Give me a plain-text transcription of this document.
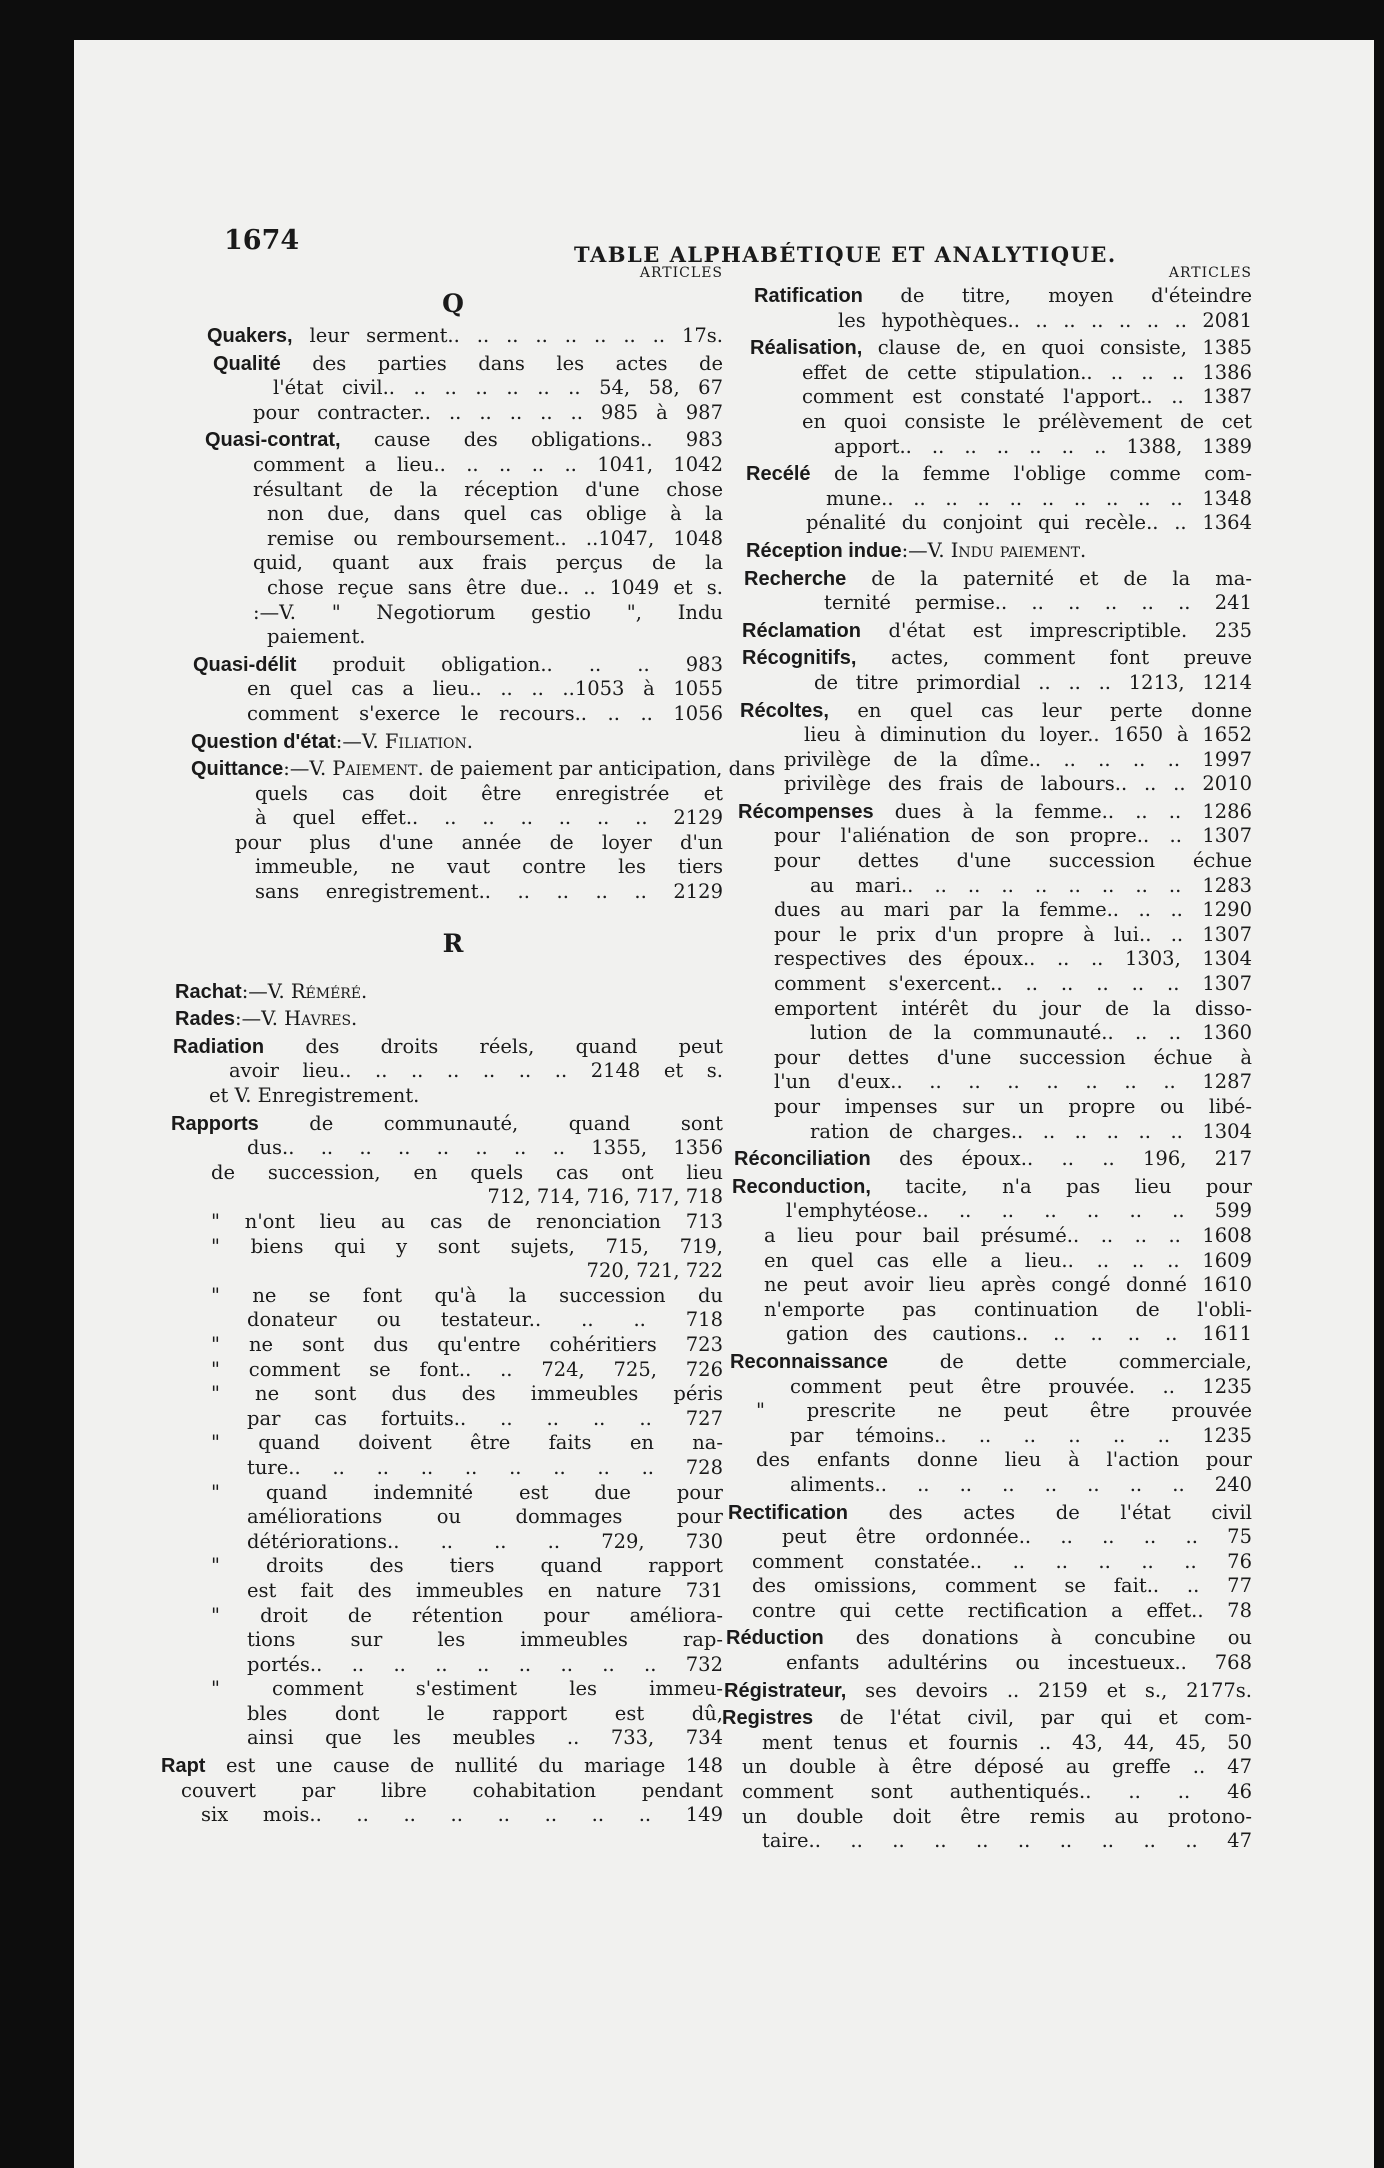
1674	TABLE ALPHABÉTIQUE ET ANALYTIQUE.
ARTICLES
Q
Quakers, leur serment.. .. .. .. .. .. .. .. 17s.
Qualité des parties dans les actes de
l'état civil.. .. .. .. .. .. .. 54, 58, 67
pour contracter.. .. .. .. .. .. 985 à 987
Quasi-contrat, cause des obligations.. 983
comment a lieu.. .. .. .. .. 1041, 1042
résultant de la réception d'une chose
non due, dans quel cas oblige à la
remise ou remboursement.. ..1047, 1048
quid, quant aux frais perçus de la
chose reçue sans être due.. .. 1049 et s.
:—V. " Negotiorum gestio ", Indu
paiement.
Quasi-délit produit obligation.. .. .. 983
en quel cas a lieu.. .. .. ..1053 à 1055
comment s'exerce le recours.. .. .. 1056
Question d'état:—V. Filiation.
Quittance:—V. Paiement. de paiement par anticipation, dans
quels cas doit être enregistrée et
à quel effet.. .. .. .. .. .. .. 2129
pour plus d'une année de loyer d'un
immeuble, ne vaut contre les tiers
sans enregistrement.. .. .. .. .. 2129
R
Rachat:—V. Réméré.
Rades:—V. Havres.
Radiation des droits réels, quand peut
avoir lieu.. .. .. .. .. .. .. 2148 et s.
et V. Enregistrement.
Rapports	de communauté, quand sont
dus.. .. .. .. .. .. .. .. 1355, 1356
de succession, en quels cas ont lieu
712, 714, 716, 717, 718
" n'ont lieu au cas de renonciation 713
" biens qui y sont sujets, 715, 719,
720, 721, 722
" ne se font qu'à la succession du
donateur ou testateur.. .. .. 718
" ne sont dus qu'entre cohéritiers 723
" comment se font.. .. 724, 725, 726
" ne sont dus des immeubles péris
par cas fortuits.. .. .. .. .. 727
" quand doivent être faits en na-
ture.. .. .. .. .. .. .. .. .. 728
" quand indemnité est due pour
améliorations ou dommages pour
détériorations.. .. .. .. 729, 730
" droits des tiers quand rapport
est fait des immeubles en nature 731
" droit de rétention pour améliora-
tions sur les immeubles rap-
portés.. .. .. .. .. .. .. .. .. 732
" comment s'estiment les immeu-
bles dont le rapport est dû,
ainsi que les meubles .. 733, 734
Rapt est une cause de nullité du mariage 148
couvert par libre cohabitation pendant
six mois.. .. .. .. .. .. .. .. 149
ARTICLES
Ratification de titre, moyen d'éteindre
les hypothèques.. .. .. .. .. .. .. 2081
Réalisation, clause de, en quoi consiste, 1385
effet de cette stipulation.. .. .. .. 1386
comment est constaté l'apport.. .. 1387
en quoi consiste le prélèvement de cet
apport.. .. .. .. .. .. .. 1388, 1389
Recélé de la femme l'oblige comme com-
mune.. .. .. .. .. .. .. .. .. .. 1348
pénalité du conjoint qui recèle.. .. 1364
Réception indue:—V. Indu paiement.
Recherche de la paternité et de la ma-
ternité permise.. .. .. .. .. .. 241
Réclamation d'état est imprescriptible. 235
Récognitifs, actes, comment font preuve
de titre primordial .. .. .. 1213, 1214
Récoltes, en quel cas leur perte donne
lieu à diminution du loyer.. 1650 à 1652
privilège de la dîme.. .. .. .. .. 1997
privilège des frais de labours.. .. .. 2010
Récompenses dues à la femme.. .. .. 1286
pour l'aliénation de son propre.. .. 1307
pour dettes d'une succession échue
au mari.. .. .. .. .. .. .. .. .. 1283
dues au mari par la femme.. .. .. 1290
pour le prix d'un propre à lui.. .. 1307
respectives des époux.. .. .. 1303, 1304
comment s'exercent.. .. .. .. .. .. 1307
emportent intérêt du jour de la disso-
lution de la communauté.. .. .. 1360
pour dettes d'une succession échue à
l'un d'eux.. .. .. .. .. .. .. .. 1287
pour impenses sur un propre ou libé-
ration de charges.. .. .. .. .. .. 1304
Réconciliation des époux.. .. .. 196, 217
Reconduction, tacite, n'a pas lieu pour
l'emphytéose.. .. .. .. .. .. .. 599
a lieu pour bail présumé.. .. .. .. 1608
en quel cas elle a lieu.. .. .. .. 1609
ne peut avoir lieu après congé donné 1610
n'emporte pas continuation de l'obli-
gation des cautions.. .. .. .. .. 1611
Reconnaissance	de dette commerciale,
comment peut être prouvée. .. 1235
" prescrite ne peut être prouvée
par témoins.. .. .. .. .. .. 1235
des enfants donne lieu à l'action pour
aliments.. .. .. .. .. .. .. .. 240
Rectification des actes de l'état civil
peut être ordonnée.. .. .. .. .. 75
comment constatée.. .. .. .. .. .. 76
des omissions, comment se fait.. .. 77
contre qui cette rectification a effet.. 78
Réduction des donations à concubine ou
enfants adultérins ou incestueux.. 768
Régistrateur, ses devoirs .. 2159 et s., 2177s.
Registres de l'état civil, par qui et com-
ment tenus et fournis .. 43, 44, 45, 50
un double à être déposé au greffe .. 47
comment sont authentiqués.. .. .. 46
un double doit être remis au protono-
taire.. .. .. .. .. .. .. .. .. .. 47
